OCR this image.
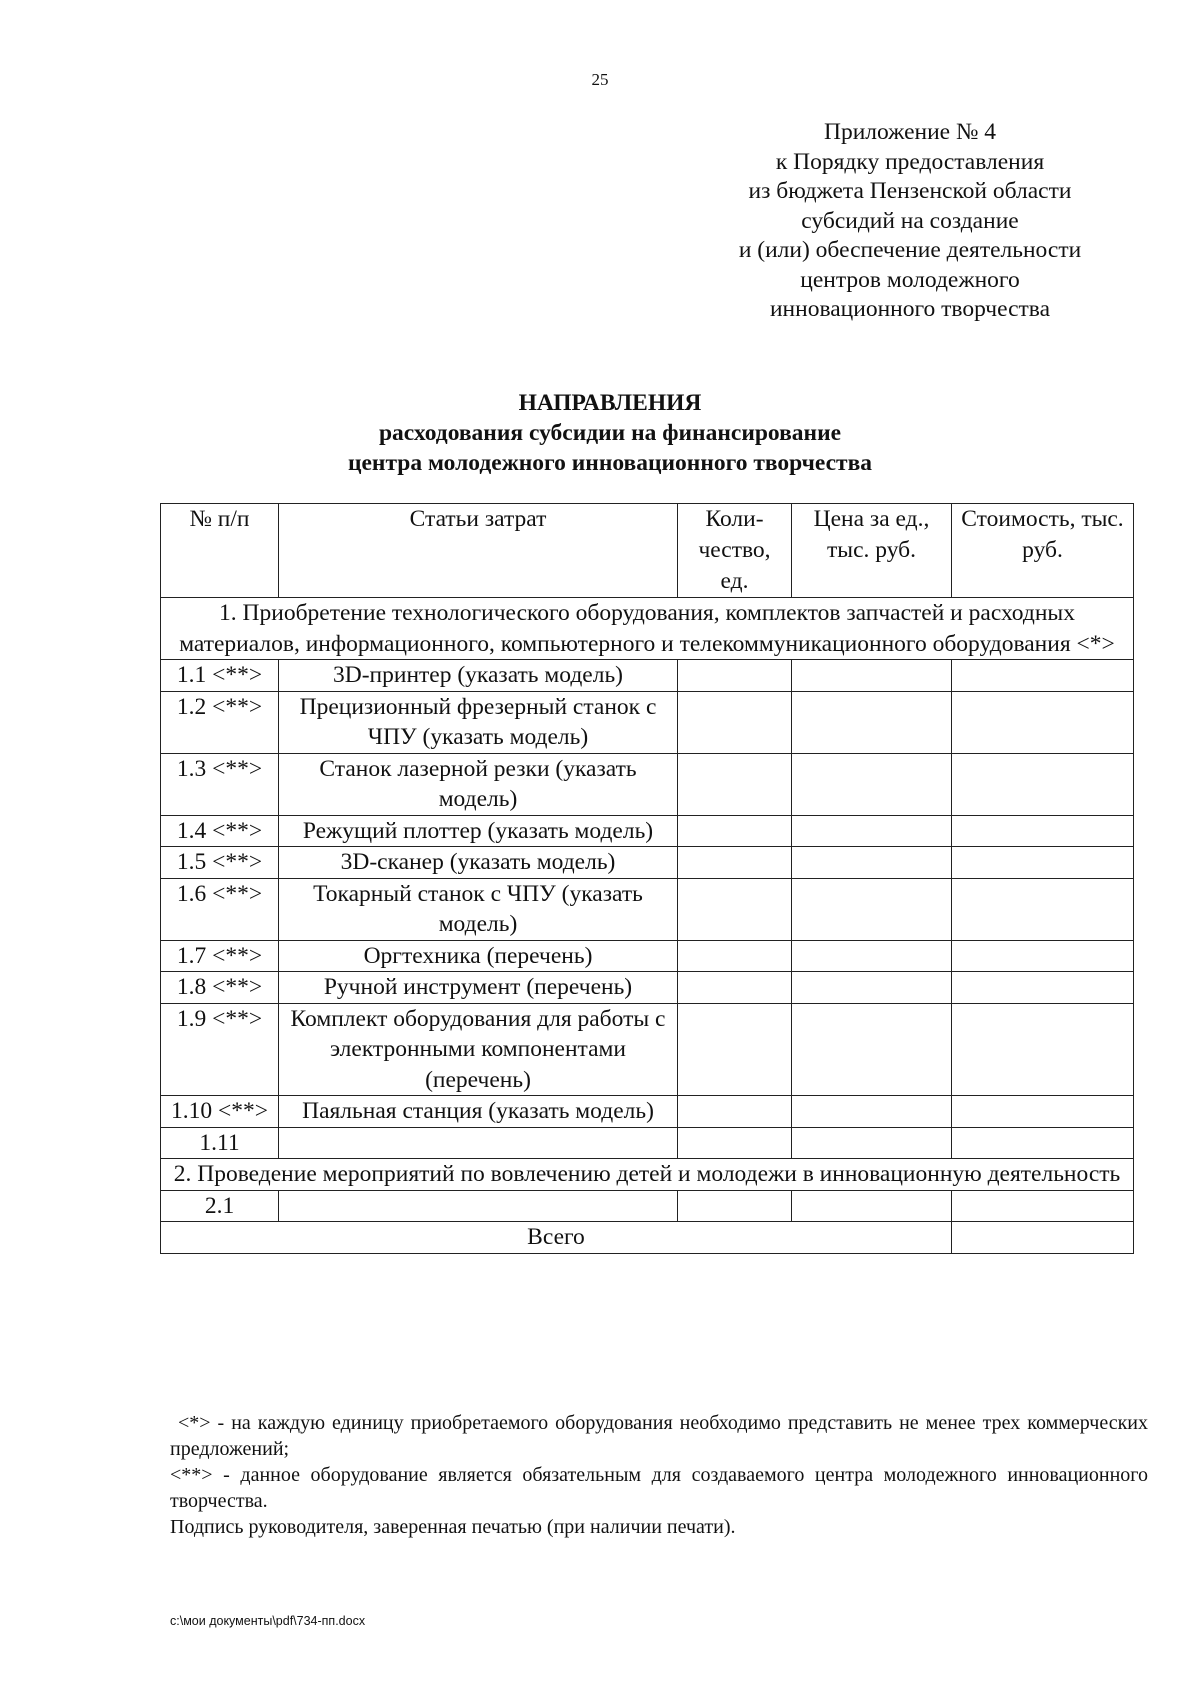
25
Приложение № 4
к Порядку предоставления
из бюджета Пензенской области
субсидий на создание
и (или) обеспечение деятельности
центров молодежного
инновационного творчества
НАПРАВЛЕНИЯ
расходования субсидии на финансирование
центра молодежного инновационного творчества
№ п/п	Статьи затрат	Коли-чество, ед.	Цена за ед., тыс. руб.	Стоимость, тыс. руб.
1. Приобретение технологического оборудования, комплектов запчастей и расходных материалов, информационного, компьютерного и телекоммуникационного оборудования <*>				
1.1 <**>	3D-принтер (указать модель)			
1.2 <**>	Прецизионный фрезерный станок с ЧПУ (указать модель)			
1.3 <**>	Станок лазерной резки (указать модель)			
1.4 <**>	Режущий плоттер (указать модель)			
1.5 <**>	3D-сканер (указать модель)			
1.6 <**>	Токарный станок с ЧПУ (указать модель)			
1.7 <**>	Оргтехника (перечень)			
1.8 <**>	Ручной инструмент (перечень)			
1.9 <**>	Комплект оборудования для работы с электронными компонентами (перечень)			
1.10 <**>	Паяльная станция (указать модель)			
1.11				
2. Проведение мероприятий по вовлечению детей и молодежи в инновационную деятельность				
2.1				
Всего				

<*> - на каждую единицу приобретаемого оборудования необходимо представить не менее трех коммерческих предложений;

<**> - данное оборудование является обязательным для создаваемого центра молодежного инновационного творчества.

Подпись руководителя, заверенная печатью (при наличии печати).

c:\мои документы\pdf\734-пп.docx
